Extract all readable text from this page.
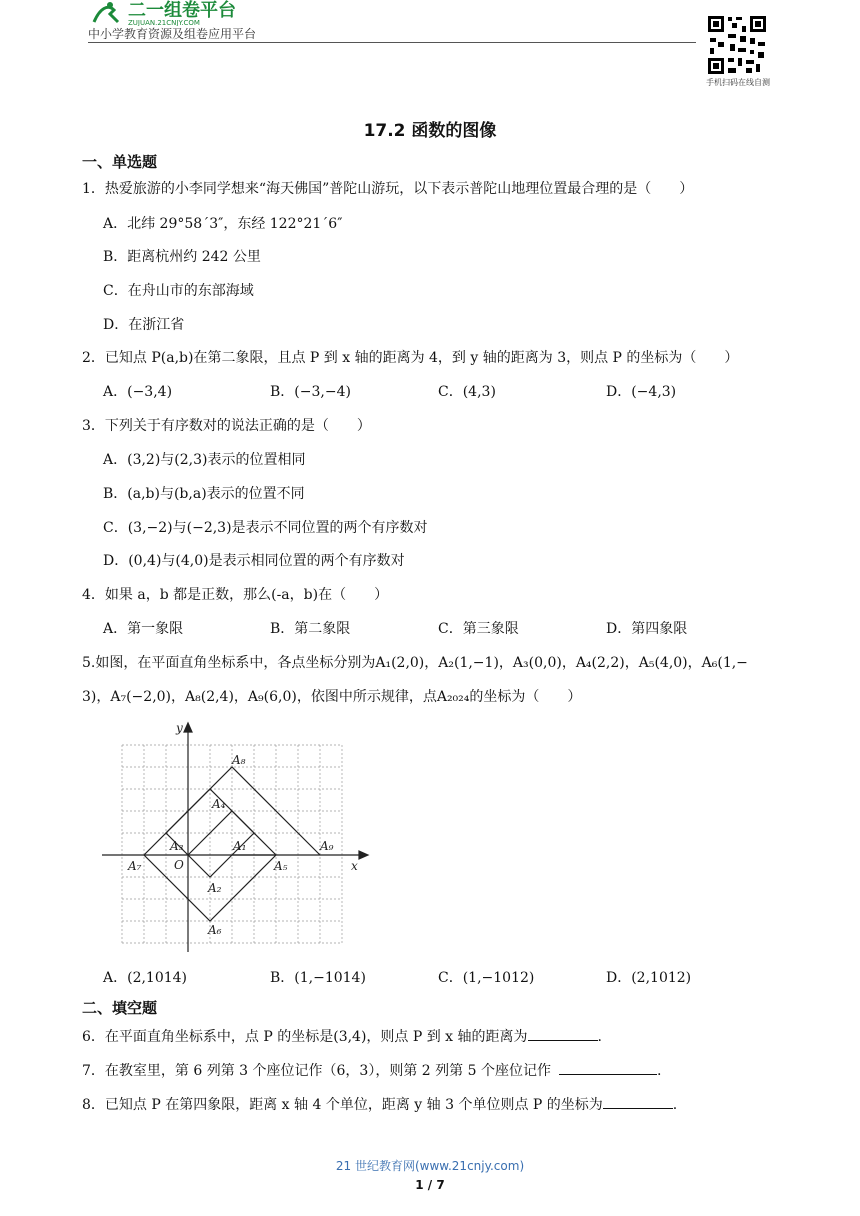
二一组卷平台
ZUJUAN.21CNJY.COM
中小学教育资源及组卷应用平台
手机扫码在线自测
17.2 函数的图像
一、单选题
1．热爱旅游的小李同学想来“海天佛国”普陀山游玩，以下表示普陀山地理位置最合理的是（　　）
A．北纬 29°58ˊ3″，东经 122°21ˊ6″
B．距离杭州约 242 公里
C．在舟山市的东部海域
D．在浙江省
2．已知点 P(a,b)在第二象限，且点 P 到 x 轴的距离为 4，到 y 轴的距离为 3，则点 P 的坐标为（　　）
A．(−3,4)	B．(−3,−4)	C．(4,3)	D．(−4,3)
3．下列关于有序数对的说法正确的是（　　）
A．(3,2)与(2,3)表示的位置相同
B．(a,b)与(b,a)表示的位置不同
C．(3,−2)与(−2,3)是表示不同位置的两个有序数对
D．(0,4)与(4,0)是表示相同位置的两个有序数对
4．如果 a，b 都是正数，那么(-a，b)在（　　）
A．第一象限	B．第二象限	C．第三象限	D．第四象限
5.如图，在平面直角坐标系中，各点坐标分别为A₁(2,0)，A₂(1,−1)，A₃(0,0)，A₄(2,2)，A₅(4,0)，A₆(1,−
3)，A₇(−2,0)，A₈(2,4)，A₉(6,0)，依图中所示规律，点A₂₀₂₄的坐标为（　　）
y
x
O
A₁
A₂
A₃
A₄
A₅
A₆
A₇
A₈
A₉
A．(2,1014)	B．(1,−1014)	C．(1,−1012)	D．(2,1012)
二、填空题
6．在平面直角坐标系中，点 P 的坐标是(3,4)，则点 P 到 x 轴的距离为	.
7．在教室里，第 6 列第 3 个座位记作（6，3），则第 2 列第 5 个座位记作	.
8．已知点 P 在第四象限，距离 x 轴 4 个单位，距离 y 轴 3 个单位则点 P 的坐标为	.
21 世纪教育网(www.21cnjy.com)
1 / 7
